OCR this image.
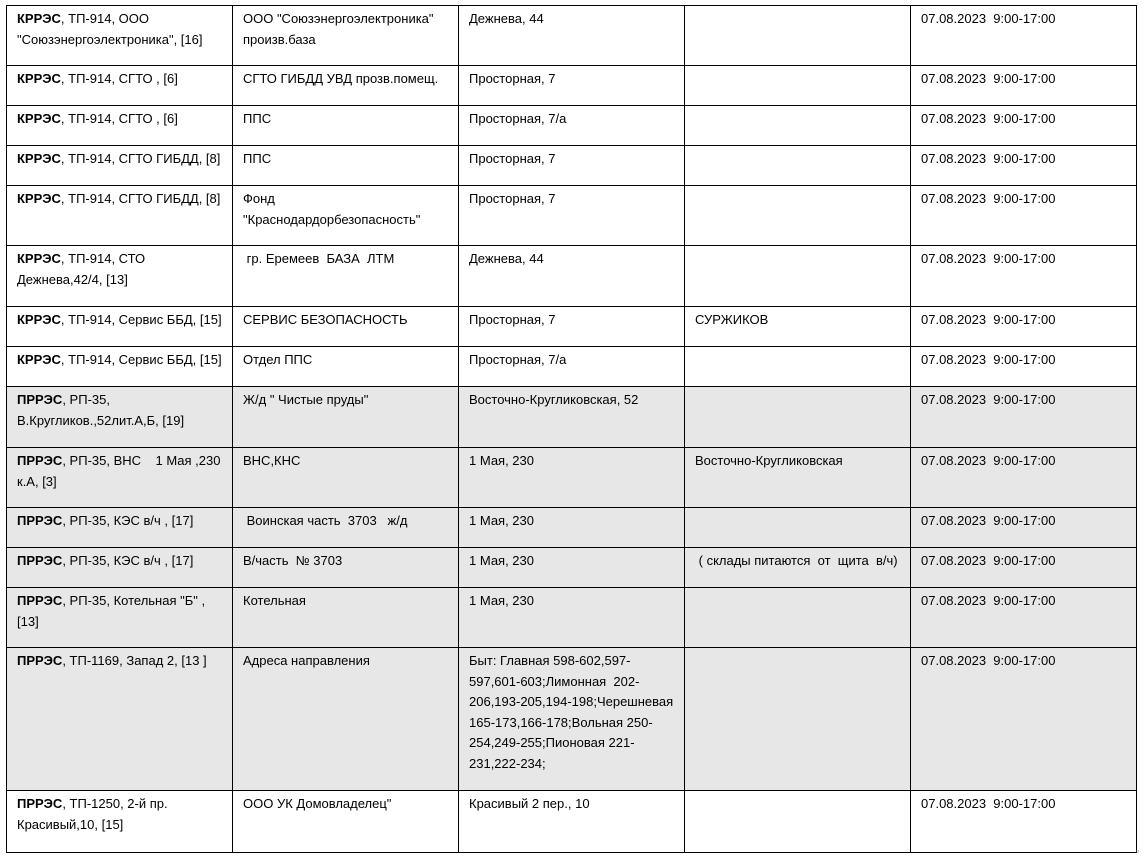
КРРЭС, ТП-914, ООО "Союзэнергоэлектроника", [16]	ООО "Союзэнергоэлектроника" произв.база	Дежнева, 44		07.08.2023  9:00-17:00
КРРЭС, ТП-914, СГТО , [6]	СГТО ГИБДД УВД прозв.помещ.	Просторная, 7		07.08.2023  9:00-17:00
КРРЭС, ТП-914, СГТО , [6]	ППС	Просторная, 7/а		07.08.2023  9:00-17:00
КРРЭС, ТП-914, СГТО ГИБДД, [8]	ППС	Просторная, 7		07.08.2023  9:00-17:00
КРРЭС, ТП-914, СГТО ГИБДД, [8]	Фонд "Краснодардорбезопасность"	Просторная, 7		07.08.2023  9:00-17:00
КРРЭС, ТП-914, СТО Дежнева,42/4, [13]	гр. Еремеев  БАЗА  ЛТМ	Дежнева, 44		07.08.2023  9:00-17:00
КРРЭС, ТП-914, Сервис ББД, [15]	СЕРВИС БЕЗОПАСНОСТЬ	Просторная, 7	СУРЖИКОВ	07.08.2023  9:00-17:00
КРРЭС, ТП-914, Сервис ББД, [15]	Отдел ППС	Просторная, 7/а		07.08.2023  9:00-17:00
ПРРЭС, РП-35, В.Кругликов.,52лит.А,Б, [19]	Ж/д " Чистые пруды"	Восточно-Кругликовская, 52		07.08.2023  9:00-17:00
ПРРЭС, РП-35, ВНС    1 Мая ,230 к.А, [3]	ВНС,КНС	1 Мая, 230	Восточно-Кругликовская	07.08.2023  9:00-17:00
ПРРЭС, РП-35, КЭС в/ч , [17]	Воинская часть  3703   ж/д	1 Мая, 230		07.08.2023  9:00-17:00
ПРРЭС, РП-35, КЭС в/ч , [17]	В/часть  № 3703	1 Мая, 230	( склады питаются  от  щита  в/ч)	07.08.2023  9:00-17:00
ПРРЭС, РП-35, Котельная "Б" , [13]	Котельная	1 Мая, 230		07.08.2023  9:00-17:00
ПРРЭС, ТП-1169, Запад 2, [13 ]	Адреса направления	Быт: Главная 598-602,597-597,601-603;Лимонная  202-206,193-205,194-198;Черешневая 165-173,166-178;Вольная 250-254,249-255;Пионовая 221-231,222-234;		07.08.2023  9:00-17:00
ПРРЭС, ТП-1250, 2-й пр. Красивый,10, [15]	ООО УК Домовладелец"	Красивый 2 пер., 10		07.08.2023  9:00-17:00
▫
